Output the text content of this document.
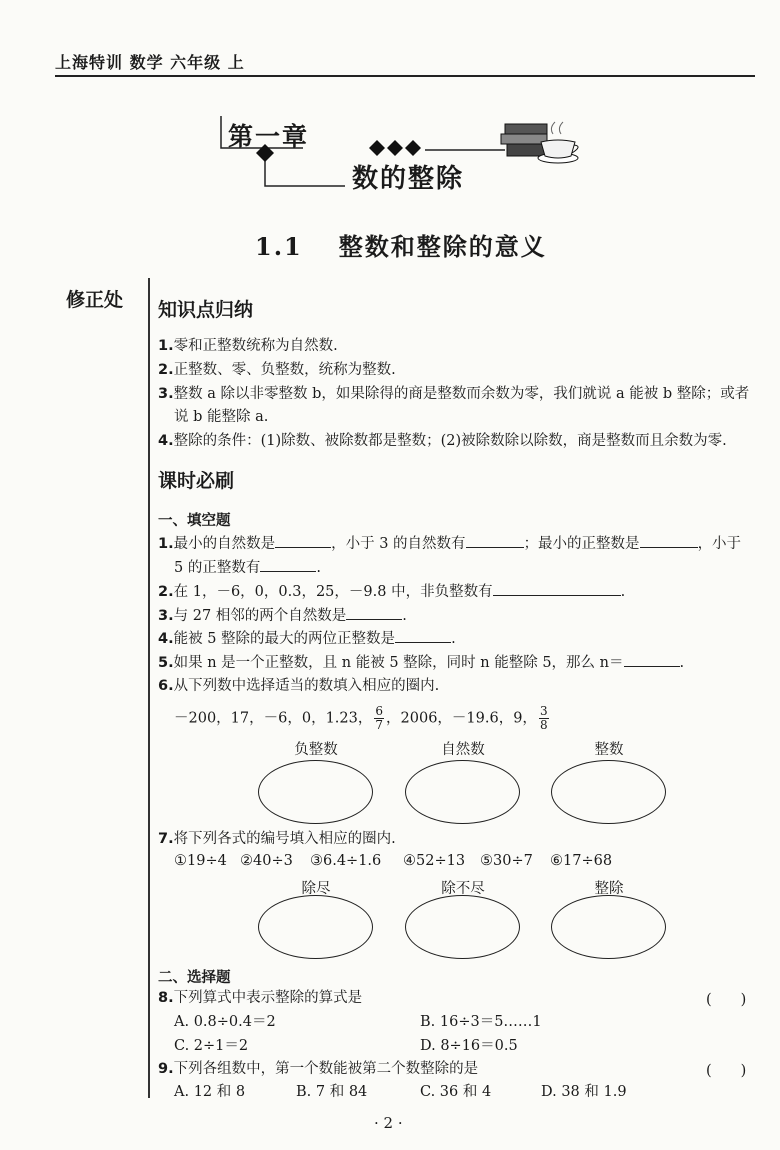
上海特训 数学 六年级 上
第一章
数的整除
1.1 整数和整除的意义
修正处 知识点归纳
1.零和正整数统称为自然数.
2.正整数、零、负整数，统称为整数.
3.整数 a 除以非零整数 b，如果除得的商是整数而余数为零，我们就说 a 能被 b 整除；或者
说 b 能整除 a.
4.整除的条件：(1)除数、被除数都是整数；(2)被除数除以除数，商是整数而且余数为零.
课时必刷
一、填空题
1.最小的自然数是	，小于 3 的自然数有	；最小的正整数是	，小于
5 的正整数有	.
2.在 1，－6，0，0.3，25，－9.8 中，非负整数有	.
3.与 27 相邻的两个自然数是	.
4.能被 5 整除的最大的两位正整数是	.
5.如果 n 是一个正整数，且 n 能被 5 整除，同时 n 能整除 5，那么 n＝	.
6.从下列数中选择适当的数填入相应的圈内.
－200，17，－6，0，1.23， $\frac{6}{7}$ ，2006，－19.6，9， $\frac{3}{8}$
负整数	自然数	整数
7.将下列各式的编号填入相应的圈内.
①19÷4 ②40÷3 ③6.4÷1.6 ④52÷13 ⑤30÷7 ⑥17÷68
除尽	除不尽	整除
二、选择题
8.下列算式中表示整除的算式是	(　　)
A. 0.8÷0.4＝2	B. 16÷3＝5……1
C. 2÷1＝2	D. 8÷16＝0.5
9.下列各组数中，第一个数能被第二个数整除的是	(　　)
A. 12 和 8	B. 7 和 84	C. 36 和 4	D. 38 和 1.9
· 2 ·
